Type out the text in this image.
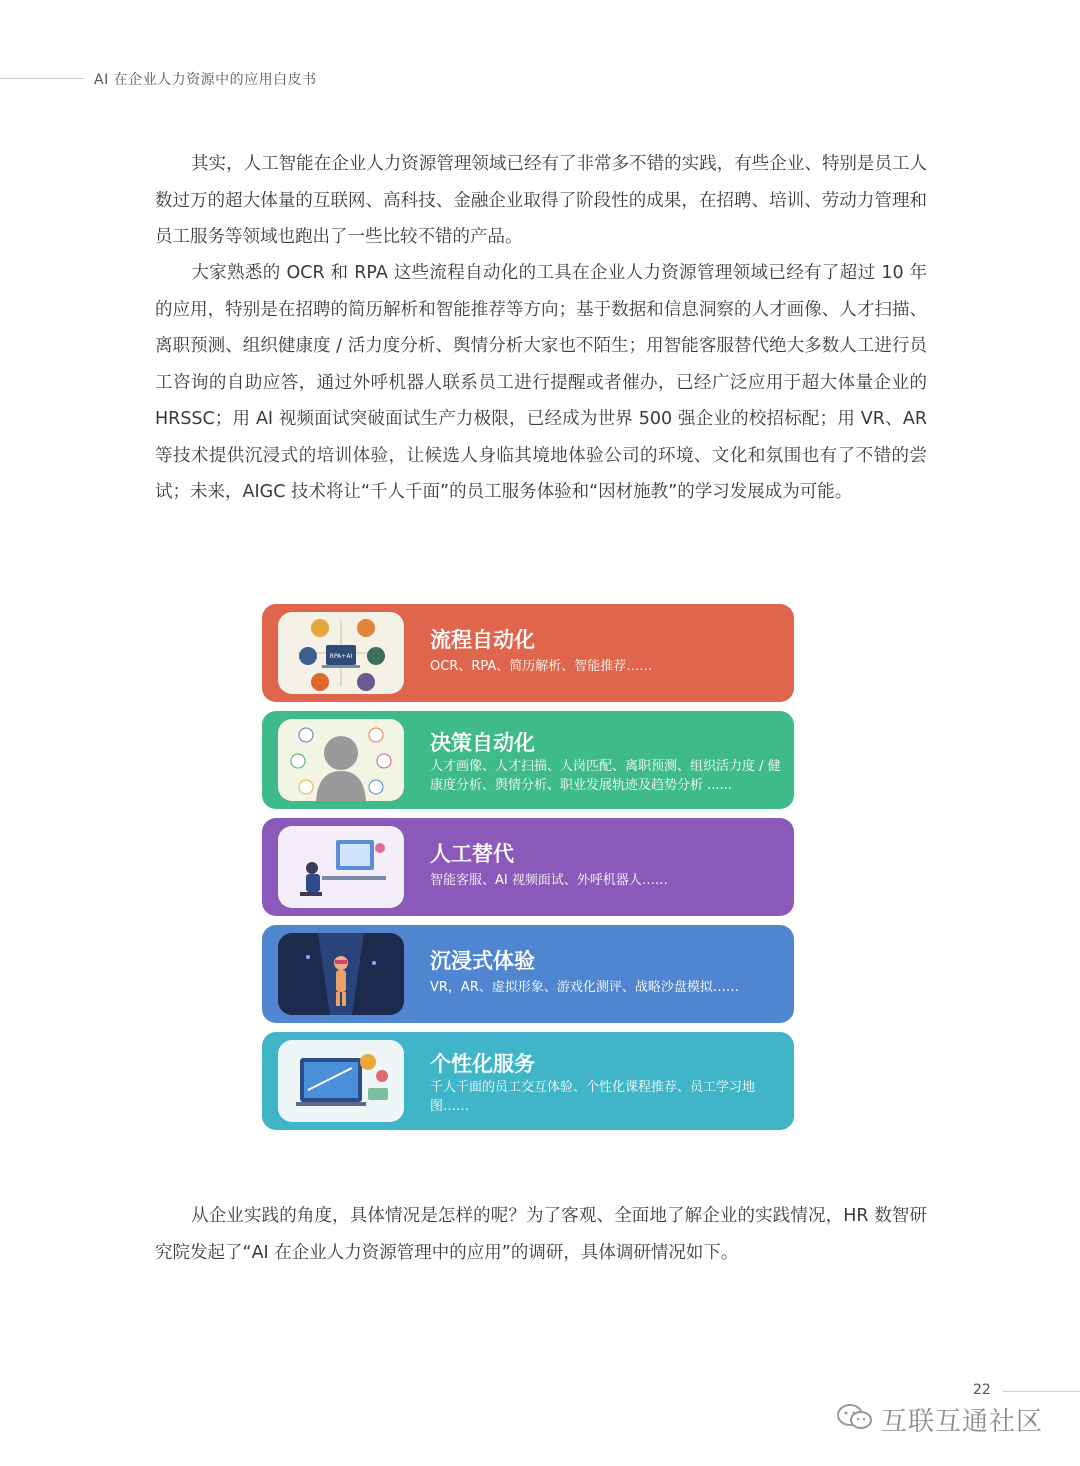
AI 在企业人力资源中的应用白皮书

其实，人工智能在企业人力资源管理领域已经有了非常多不错的实践，有些企业、特别是员工人数过万的超大体量的互联网、高科技、金融企业取得了阶段性的成果，在招聘、培训、劳动力管理和员工服务等领域也跑出了一些比较不错的产品。

大家熟悉的 OCR 和 RPA 这些流程自动化的工具在企业人力资源管理领域已经有了超过 10 年的应用，特别是在招聘的简历解析和智能推荐等方向；基于数据和信息洞察的人才画像、人才扫描、离职预测、组织健康度 / 活力度分析、舆情分析大家也不陌生；用智能客服替代绝大多数人工进行员工咨询的自助应答，通过外呼机器人联系员工进行提醒或者催办，已经广泛应用于超大体量企业的 HRSSC；用 AI 视频面试突破面试生产力极限，已经成为世界 500 强企业的校招标配；用 VR、AR 等技术提供沉浸式的培训体验，让候选人身临其境地体验公司的环境、文化和氛围也有了不错的尝试；未来，AIGC 技术将让“千人千面”的员工服务体验和“因材施教”的学习发展成为可能。

RPA+AI
流程自动化
OCR、RPA、简历解析、智能推荐……
决策自动化
人才画像、人才扫描、人岗匹配、离职预测、组织活力度 / 健康度分析、舆情分析、职业发展轨迹及趋势分析 ......
人工替代
智能客服、AI 视频面试、外呼机器人……
沉浸式体验
VR，AR、虚拟形象、游戏化测评、战略沙盘模拟……
个性化服务
千人千面的员工交互体验、个性化课程推荐、员工学习地图……

从企业实践的角度，具体情况是怎样的呢？为了客观、全面地了解企业的实践情况，HR 数智研究院发起了“AI 在企业人力资源管理中的应用”的调研，具体调研情况如下。

22
互联互通社区
